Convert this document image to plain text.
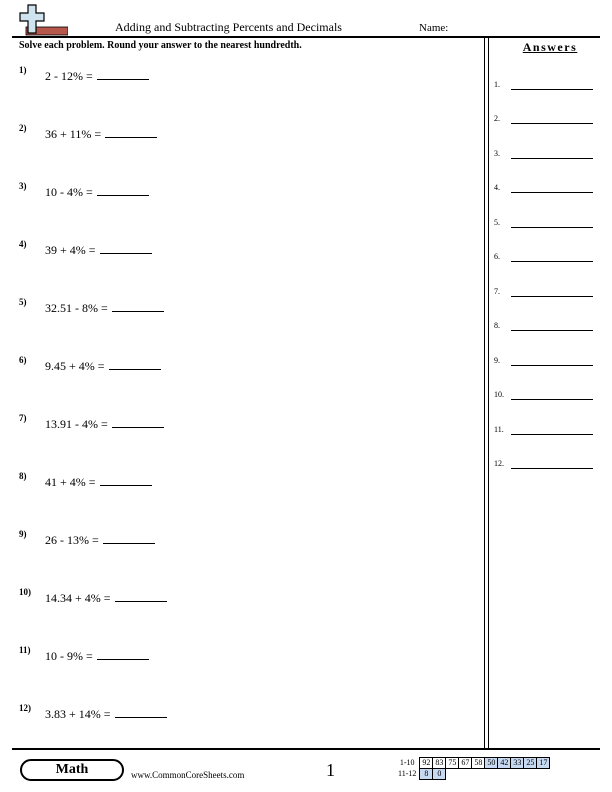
Adding and Subtracting Percents and Decimals	Name:
Solve each problem. Round your answer to the nearest hundredth.	Answers
1) 2 - 12% =
2) 36 + 11% =
3) 10 - 4% =
4) 39 + 4% =
5) 32.51 - 8% =
6) 9.45 + 4% =
7) 13.91 - 4% =
8) 41 + 4% =
9) 26 - 13% =
10) 14.34 + 4% =
11) 10 - 9% =
12) 3.83 + 14% =
1.
2.
3.
4.
5.
6.
7.
8.
9.
10.
11.
12.
Math	www.CommonCoreSheets.com	1	1-10	92	83	75	67	58	50	42	33	25	17
11-12	8	0								
